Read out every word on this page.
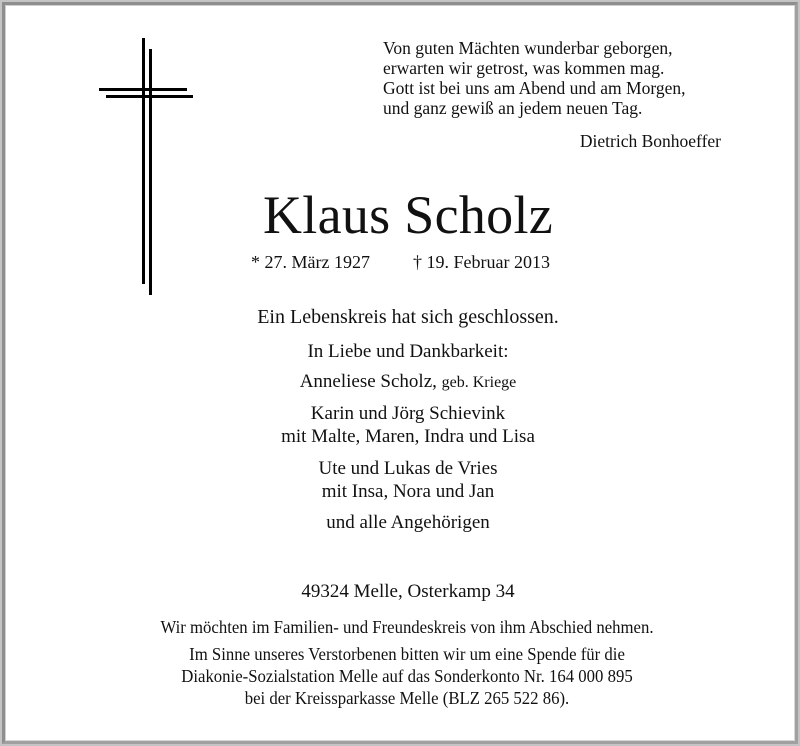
Von guten Mächten wunderbar geborgen,
erwarten wir getrost, was kommen mag.
Gott ist bei uns am Abend und am Morgen,
und ganz gewiß an jedem neuen Tag.
Dietrich Bonhoeffer
Klaus Scholz
* 27. März 1927 † 19. Februar 2013
Ein Lebenskreis hat sich geschlossen.
In Liebe und Dankbarkeit:
Anneliese Scholz, geb. Kriege
Karin und Jörg Schievink
mit Malte, Maren, Indra und Lisa
Ute und Lukas de Vries
mit Insa, Nora und Jan
und alle Angehörigen
49324 Melle, Osterkamp 34
Wir möchten im Familien- und Freundeskreis von ihm Abschied nehmen.
Im Sinne unseres Verstorbenen bitten wir um eine Spende für die
Diakonie-Sozialstation Melle auf das Sonderkonto Nr. 164 000 895
bei der Kreissparkasse Melle (BLZ 265 522 86).
